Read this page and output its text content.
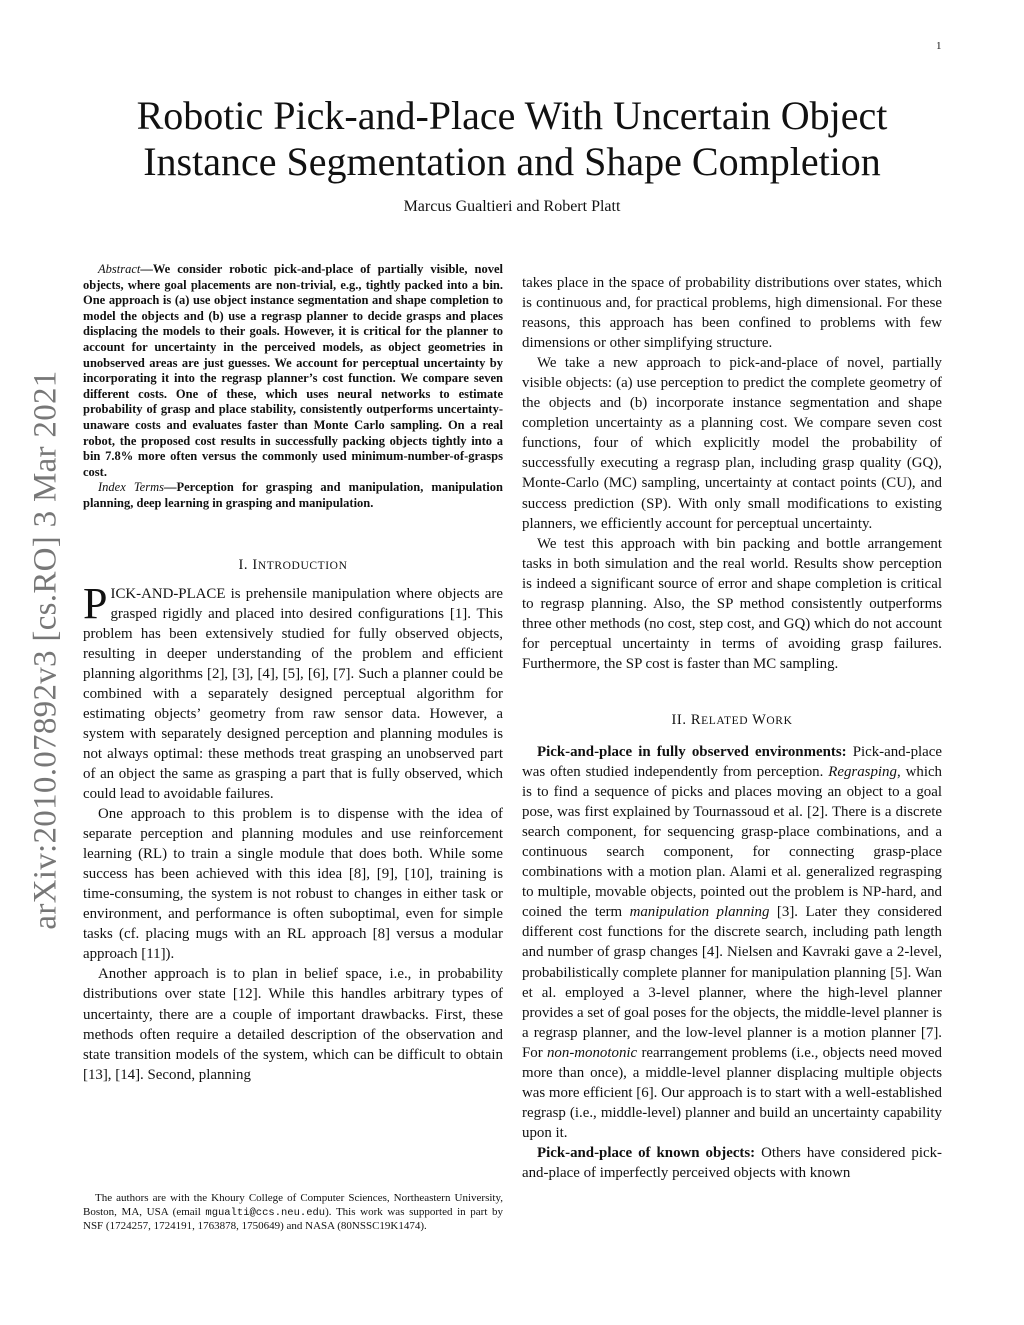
1
arXiv:2010.07892v3 [cs.RO] 3 Mar 2021
Robotic Pick-and-Place With Uncertain Object
Instance Segmentation and Shape Completion
Marcus Gualtieri and Robert Platt

Abstract—We consider robotic pick-and-place of partially visible, novel objects, where goal placements are non-trivial, e.g., tightly packed into a bin. One approach is (a) use object instance segmentation and shape completion to model the objects and (b) use a regrasp planner to decide grasps and places displacing the models to their goals. However, it is critical for the planner to account for uncertainty in the perceived models, as object geometries in unobserved areas are just guesses. We account for perceptual uncertainty by incorporating it into the regrasp planner’s cost function. We compare seven different costs. One of these, which uses neural networks to estimate probability of grasp and place stability, consistently outperforms uncertainty-unaware costs and evaluates faster than Monte Carlo sampling. On a real robot, the proposed cost results in successfully packing objects tightly into a bin 7.8% more often versus the commonly used minimum-number-of-grasps cost.

Index Terms—Perception for grasping and manipulation, manipulation planning, deep learning in grasping and manipulation.

I. INTRODUCTION

PICK-AND-PLACE is prehensile manipulation where objects are grasped rigidly and placed into desired configurations [1]. This problem has been extensively studied for fully observed objects, resulting in deeper understanding of the problem and efficient planning algorithms [2], [3], [4], [5], [6], [7]. Such a planner could be combined with a separately designed perceptual algorithm for estimating objects’ geometry from raw sensor data. However, a system with separately designed perception and planning modules is not always optimal: these methods treat grasping an unobserved part of an object the same as grasping a part that is fully observed, which could lead to avoidable failures.

One approach to this problem is to dispense with the idea of separate perception and planning modules and use reinforcement learning (RL) to train a single module that does both. While some success has been achieved with this idea [8], [9], [10], training is time-consuming, the system is not robust to changes in either task or environment, and performance is often suboptimal, even for simple tasks (cf. placing mugs with an RL approach [8] versus a modular approach [11]).

Another approach is to plan in belief space, i.e., in probability distributions over state [12]. While this handles arbitrary types of uncertainty, there are a couple of important drawbacks. First, these methods often require a detailed description of the observation and state transition models of the system, which can be difficult to obtain [13], [14]. Second, planning

The authors are with the Khoury College of Computer Sciences, Northeastern University, Boston, MA, USA (email mgualti@ccs.neu.edu). This work was supported in part by NSF (1724257, 1724191, 1763878, 1750649) and NASA (80NSSC19K1474).

takes place in the space of probability distributions over states, which is continuous and, for practical problems, high dimensional. For these reasons, this approach has been confined to problems with few dimensions or other simplifying structure.

We take a new approach to pick-and-place of novel, partially visible objects: (a) use perception to predict the complete geometry of the objects and (b) incorporate instance segmentation and shape completion uncertainty as a planning cost. We compare seven cost functions, four of which explicitly model the probability of successfully executing a regrasp plan, including grasp quality (GQ), Monte-Carlo (MC) sampling, uncertainty at contact points (CU), and success prediction (SP). With only small modifications to existing planners, we efficiently account for perceptual uncertainty.

We test this approach with bin packing and bottle arrangement tasks in both simulation and the real world. Results show perception is indeed a significant source of error and shape completion is critical to regrasp planning. Also, the SP method consistently outperforms three other methods (no cost, step cost, and GQ) which do not account for perceptual uncertainty in terms of avoiding grasp failures. Furthermore, the SP cost is faster than MC sampling.

II. RELATED WORK

Pick-and-place in fully observed environments: Pick-and-place was often studied independently from perception. Regrasping, which is to find a sequence of picks and places moving an object to a goal pose, was first explained by Tournassoud et al. [2]. There is a discrete search component, for sequencing grasp-place combinations, and a continuous search component, for connecting grasp-place combinations with a motion plan. Alami et al. generalized regrasping to multiple, movable objects, pointed out the problem is NP-hard, and coined the term manipulation planning [3]. Later they considered different cost functions for the discrete search, including path length and number of grasp changes [4]. Nielsen and Kavraki gave a 2-level, probabilistically complete planner for manipulation planning [5]. Wan et al. employed a 3-level planner, where the high-level planner provides a set of goal poses for the objects, the middle-level planner is a regrasp planner, and the low-level planner is a motion planner [7]. For non-monotonic rearrangement problems (i.e., objects need moved more than once), a middle-level planner displacing multiple objects was more efficient [6]. Our approach is to start with a well-established regrasp (i.e., middle-level) planner and build an uncertainty capability upon it.

Pick-and-place of known objects: Others have considered pick-and-place of imperfectly perceived objects with known
